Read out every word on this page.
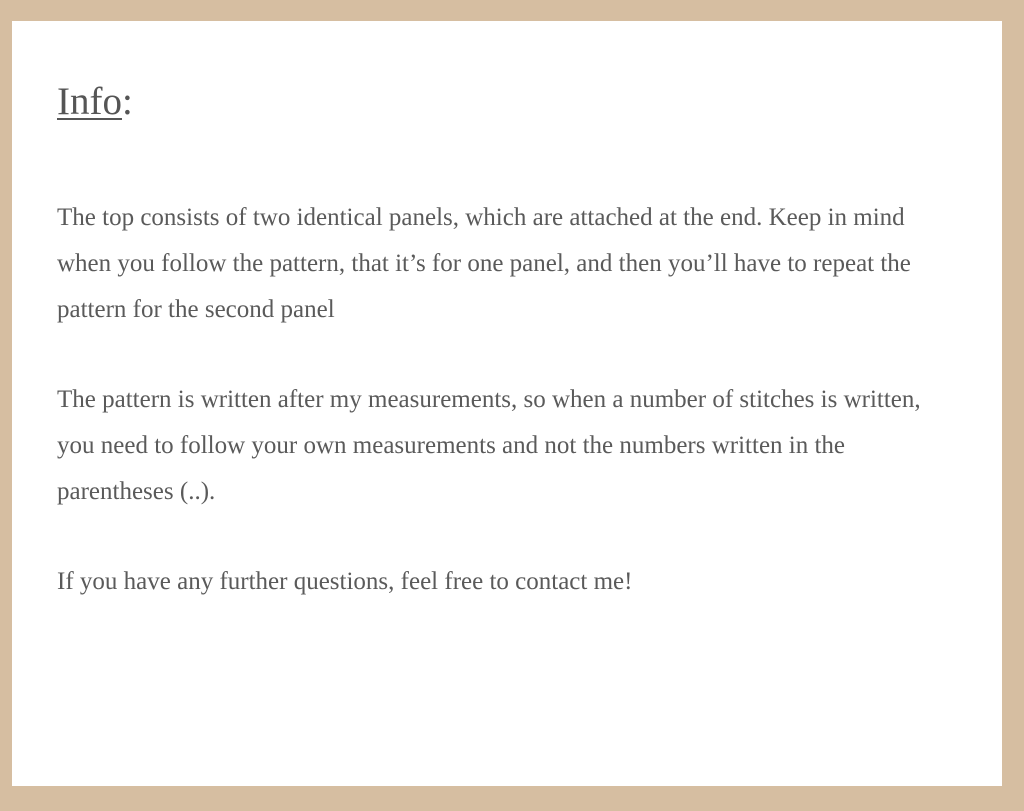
Info:

The top consists of two identical panels, which are attached at the end. Keep in mind when you follow the pattern, that it’s for one panel, and then you’ll have to repeat the pattern for the second panel

The pattern is written after my measurements, so when a number of stitches is written, you need to follow your own measurements and not the numbers written in the parentheses (..).

If you have any further questions, feel free to contact me!
